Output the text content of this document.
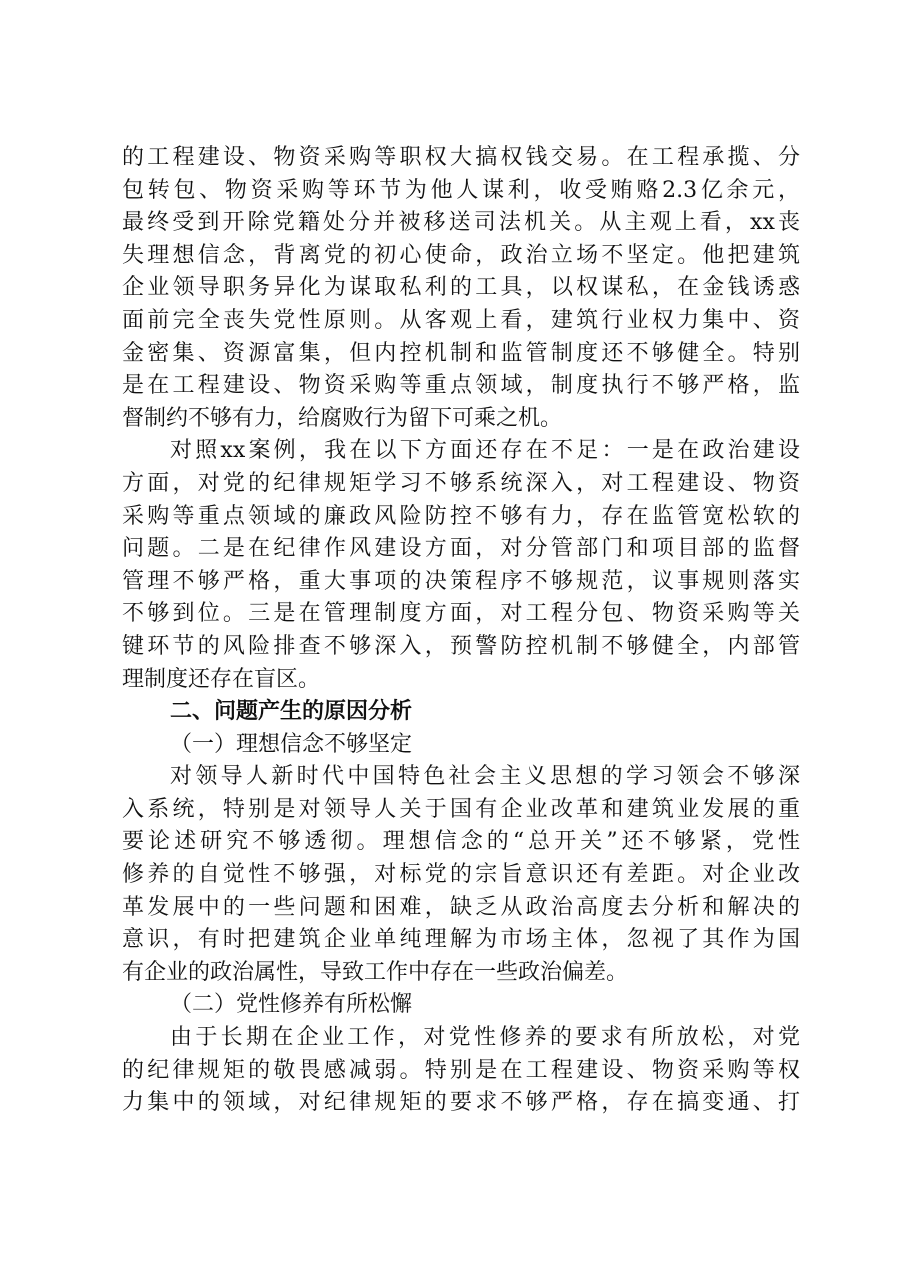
的工程建设、物资采购等职权大搞权钱交易。在工程承揽、分
包转包、物资采购等环节为他人谋利，收受贿赂2.3亿余元，
最终受到开除党籍处分并被移送司法机关。从主观上看，xx丧
失理想信念，背离党的初心使命，政治立场不坚定。他把建筑
企业领导职务异化为谋取私利的工具，以权谋私，在金钱诱惑
面前完全丧失党性原则。从客观上看，建筑行业权力集中、资
金密集、资源富集，但内控机制和监管制度还不够健全。特别
是在工程建设、物资采购等重点领域，制度执行不够严格，监
督制约不够有力，给腐败行为留下可乘之机。
对照xx案例，我在以下方面还存在不足：一是在政治建设
方面，对党的纪律规矩学习不够系统深入，对工程建设、物资
采购等重点领域的廉政风险防控不够有力，存在监管宽松软的
问题。二是在纪律作风建设方面，对分管部门和项目部的监督
管理不够严格，重大事项的决策程序不够规范，议事规则落实
不够到位。三是在管理制度方面，对工程分包、物资采购等关
键环节的风险排查不够深入，预警防控机制不够健全，内部管
理制度还存在盲区。
二、问题产生的原因分析
（一）理想信念不够坚定
对领导人新时代中国特色社会主义思想的学习领会不够深
入系统，特别是对领导人关于国有企业改革和建筑业发展的重
要论述研究不够透彻。理想信念的“总开关”还不够紧，党性
修养的自觉性不够强，对标党的宗旨意识还有差距。对企业改
革发展中的一些问题和困难，缺乏从政治高度去分析和解决的
意识，有时把建筑企业单纯理解为市场主体，忽视了其作为国
有企业的政治属性，导致工作中存在一些政治偏差。
（二）党性修养有所松懈
由于长期在企业工作，对党性修养的要求有所放松，对党
的纪律规矩的敬畏感减弱。特别是在工程建设、物资采购等权
力集中的领域，对纪律规矩的要求不够严格，存在搞变通、打
